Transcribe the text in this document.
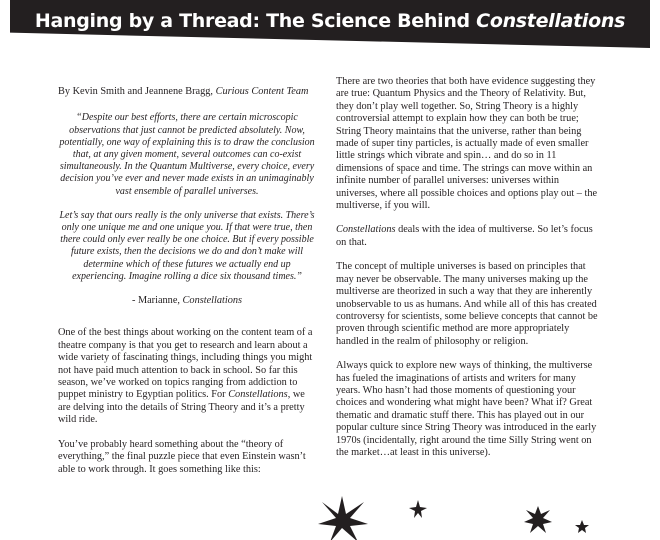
Hanging by a Thread: The Science Behind Constellations

By Kevin Smith and Jeannene Bragg, Curious Content Team

“Despite our best efforts, there are certain microscopic observations that just cannot be predicted absolutely. Now, potentially, one way of explaining this is to draw the conclusion that, at any given moment, several outcomes can co-exist simultaneously. In the Quantum Multiverse, every choice, every decision you’ve ever and never made exists in an unimaginably vast ensemble of parallel universes.

Let’s say that ours really is the only universe that exists. There’s only one unique me and one unique you. If that were true, then there could only ever really be one choice. But if every possible future exists, then the decisions we do and don’t make will determine which of these futures we actually end up experiencing. Imagine rolling a dice six thousand times.”

- Marianne, Constellations

One of the best things about working on the content team of a theatre company is that you get to research and learn about a wide variety of fascinating things, including things you might not have paid much attention to back in school. So far this season, we’ve worked on topics ranging from addiction to puppet ministry to Egyptian politics. For Constellations, we are delving into the details of String Theory and it’s a pretty wild ride.

You’ve probably heard something about the “theory of everything,” the final puzzle piece that even Einstein wasn’t able to work through. It goes something like this:

There are two theories that both have evidence suggesting they are true: Quantum Physics and the Theory of Relativity. But, they don’t play well together. So, String Theory is a highly controversial attempt to explain how they can both be true; String Theory maintains that the universe, rather than being made of super tiny particles, is actually made of even smaller little strings which vibrate and spin… and do so in 11 dimensions of space and time. The strings can move within an infinite number of parallel universes: universes within universes, where all possible choices and options play out – the multiverse, if you will.

Constellations deals with the idea of multiverse. So let’s focus on that.

The concept of multiple universes is based on principles that may never be observable. The many universes making up the multiverse are theorized in such a way that they are inherently unobservable to us as humans. And while all of this has created controversy for scientists, some believe concepts that cannot be proven through scientific method are more appropriately handled in the realm of philosophy or religion.

Always quick to explore new ways of thinking, the multiverse has fueled the imaginations of artists and writers for many years. Who hasn’t had those moments of questioning your choices and wondering what might have been? What if? Great thematic and dramatic stuff there. This has played out in our popular culture since String Theory was introduced in the early 1970s (incidentally, right around the time Silly String went on the market…at least in this universe).
